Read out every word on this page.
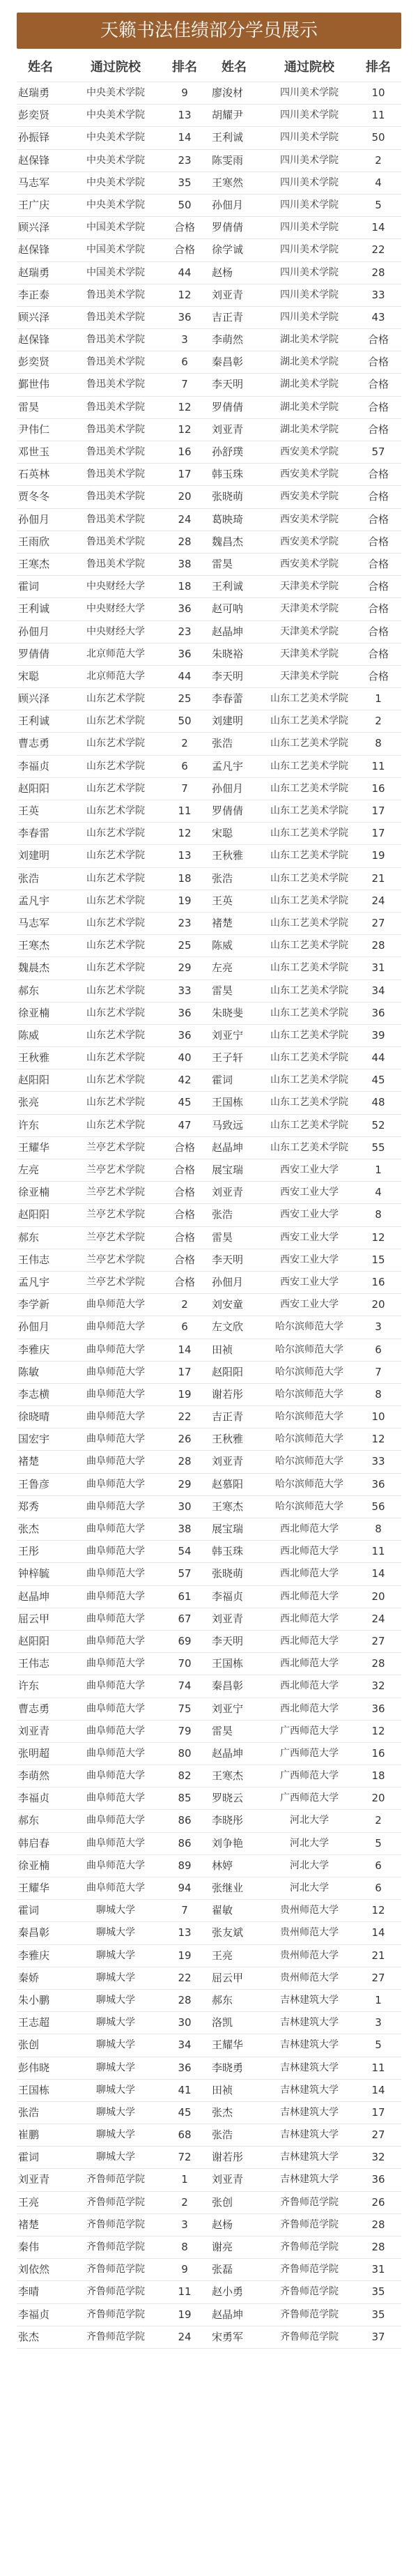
天籁书法佳绩部分学员展示
姓名	通过院校	排名	姓名	通过院校	排名
赵瑞勇	中央美术学院	9	廖浚材	四川美术学院	10
彭奕贤	中央美术学院	13	胡耀尹	四川美术学院	11
孙振铎	中央美术学院	14	王利诚	四川美术学院	50
赵保锋	中央美术学院	23	陈雯雨	四川美术学院	2
马志军	中央美术学院	35	王寒然	四川美术学院	4
王广庆	中央美术学院	50	孙佃月	四川美术学院	5
顾兴泽	中国美术学院	合格	罗倩倩	四川美术学院	14
赵保锋	中国美术学院	合格	徐学诚	四川美术学院	22
赵瑞勇	中国美术学院	44	赵杨	四川美术学院	28
李正泰	鲁迅美术学院	12	刘亚青	四川美术学院	33
顾兴泽	鲁迅美术学院	36	吉正青	四川美术学院	43
赵保锋	鲁迅美术学院	3	李萌然	湖北美术学院	合格
彭奕贤	鲁迅美术学院	6	秦昌彰	湖北美术学院	合格
鄞世伟	鲁迅美术学院	7	李天明	湖北美术学院	合格
雷昊	鲁迅美术学院	12	罗倩倩	湖北美术学院	合格
尹伟仁	鲁迅美术学院	12	刘亚青	湖北美术学院	合格
邓世玉	鲁迅美术学院	16	孙舒璞	西安美术学院	57
石英林	鲁迅美术学院	17	韩玉珠	西安美术学院	合格
贾冬冬	鲁迅美术学院	20	张晓萌	西安美术学院	合格
孙佃月	鲁迅美术学院	24	葛映琦	西安美术学院	合格
王雨欣	鲁迅美术学院	28	魏昌杰	西安美术学院	合格
王寒杰	鲁迅美术学院	38	雷昊	西安美术学院	合格
霍词	中央财经大学	18	王利诚	天津美术学院	合格
王利诚	中央财经大学	36	赵可呐	天津美术学院	合格
孙佃月	中央财经大学	23	赵晶坤	天津美术学院	合格
罗倩倩	北京师范大学	36	朱晓裕	天津美术学院	合格
宋聪	北京师范大学	44	李天明	天津美术学院	合格
顾兴泽	山东艺术学院	25	李春蕾	山东工艺美术学院	1
王利诚	山东艺术学院	50	刘建明	山东工艺美术学院	2
曹志勇	山东艺术学院	2	张浩	山东工艺美术学院	8
李福贞	山东艺术学院	6	孟凡宇	山东工艺美术学院	11
赵阳阳	山东艺术学院	7	孙佃月	山东工艺美术学院	16
王英	山东艺术学院	11	罗倩倩	山东工艺美术学院	17
李春雷	山东艺术学院	12	宋聪	山东工艺美术学院	17
刘建明	山东艺术学院	13	王秋雅	山东工艺美术学院	19
张浩	山东艺术学院	18	张浩	山东工艺美术学院	21
孟凡宇	山东艺术学院	19	王英	山东工艺美术学院	24
马志军	山东艺术学院	23	褚楚	山东工艺美术学院	27
王寒杰	山东艺术学院	25	陈威	山东工艺美术学院	28
魏晨杰	山东艺术学院	29	左亮	山东工艺美术学院	31
郝东	山东艺术学院	33	雷昊	山东工艺美术学院	34
徐亚楠	山东艺术学院	36	朱晓斐	山东工艺美术学院	36
陈威	山东艺术学院	36	刘亚宁	山东工艺美术学院	39
王秋雅	山东艺术学院	40	王子轩	山东工艺美术学院	44
赵阳阳	山东艺术学院	42	霍词	山东工艺美术学院	45
张亮	山东艺术学院	45	王国栋	山东工艺美术学院	48
许东	山东艺术学院	47	马致远	山东工艺美术学院	52
王耀华	兰亭艺术学院	合格	赵晶坤	山东工艺美术学院	55
左亮	兰亭艺术学院	合格	展宝瑞	西安工业大学	1
徐亚楠	兰亭艺术学院	合格	刘亚青	西安工业大学	4
赵阳阳	兰亭艺术学院	合格	张浩	西安工业大学	8
郝东	兰亭艺术学院	合格	雷昊	西安工业大学	12
王伟志	兰亭艺术学院	合格	李天明	西安工业大学	15
孟凡宇	兰亭艺术学院	合格	孙佃月	西安工业大学	16
李学新	曲阜师范大学	2	刘安童	西安工业大学	20
孙佃月	曲阜师范大学	6	左文欣	哈尔滨师范大学	3
李雅庆	曲阜师范大学	14	田祯	哈尔滨师范大学	6
陈敏	曲阜师范大学	17	赵阳阳	哈尔滨师范大学	7
李志横	曲阜师范大学	19	谢若彤	哈尔滨师范大学	8
徐晓晴	曲阜师范大学	22	吉正青	哈尔滨师范大学	10
国宏宇	曲阜师范大学	26	王秋雅	哈尔滨师范大学	12
褚楚	曲阜师范大学	28	刘亚青	哈尔滨师范大学	33
王鲁彦	曲阜师范大学	29	赵慕阳	哈尔滨师范大学	36
郑秀	曲阜师范大学	30	王寒杰	哈尔滨师范大学	56
张杰	曲阜师范大学	38	展宝瑞	西北师范大学	8
王彤	曲阜师范大学	54	韩玉珠	西北师范大学	11
钟梓毓	曲阜师范大学	57	张晓萌	西北师范大学	14
赵晶坤	曲阜师范大学	61	李福贞	西北师范大学	20
屈云甲	曲阜师范大学	67	刘亚青	西北师范大学	24
赵阳阳	曲阜师范大学	69	李天明	西北师范大学	27
王伟志	曲阜师范大学	70	王国栋	西北师范大学	28
许东	曲阜师范大学	74	秦昌彰	西北师范大学	32
曹志勇	曲阜师范大学	75	刘亚宁	西北师范大学	36
刘亚青	曲阜师范大学	79	雷昊	广西师范大学	12
张明超	曲阜师范大学	80	赵晶坤	广西师范大学	16
李萌然	曲阜师范大学	82	王寒杰	广西师范大学	18
李福贞	曲阜师范大学	85	罗晓云	广西师范大学	20
郝东	曲阜师范大学	86	李晓彤	河北大学	2
韩启春	曲阜师范大学	86	刘争艳	河北大学	5
徐亚楠	曲阜师范大学	89	林婷	河北大学	6
王耀华	曲阜师范大学	94	张继业	河北大学	6
霍词	聊城大学	7	翟敏	贵州师范大学	12
秦昌彰	聊城大学	13	张友斌	贵州师范大学	14
李雅庆	聊城大学	19	王亮	贵州师范大学	21
秦娇	聊城大学	22	屈云甲	贵州师范大学	27
朱小鹏	聊城大学	28	郝东	吉林建筑大学	1
王志超	聊城大学	30	洛凯	吉林建筑大学	3
张创	聊城大学	34	王耀华	吉林建筑大学	5
彭伟晓	聊城大学	36	李晓勇	吉林建筑大学	11
王国栋	聊城大学	41	田祯	吉林建筑大学	14
张浩	聊城大学	45	张杰	吉林建筑大学	17
崔鹏	聊城大学	68	张浩	吉林建筑大学	27
霍词	聊城大学	72	谢若彤	吉林建筑大学	32
刘亚青	齐鲁师范学院	1	刘亚青	吉林建筑大学	36
王亮	齐鲁师范学院	2	张创	齐鲁师范学院	26
褚楚	齐鲁师范学院	3	赵杨	齐鲁师范学院	28
秦伟	齐鲁师范学院	8	谢亮	齐鲁师范学院	28
刘依然	齐鲁师范学院	9	张磊	齐鲁师范学院	31
李晴	齐鲁师范学院	11	赵小勇	齐鲁师范学院	35
李福贞	齐鲁师范学院	19	赵晶坤	齐鲁师范学院	35
张杰	齐鲁师范学院	24	宋勇军	齐鲁师范学院	37
